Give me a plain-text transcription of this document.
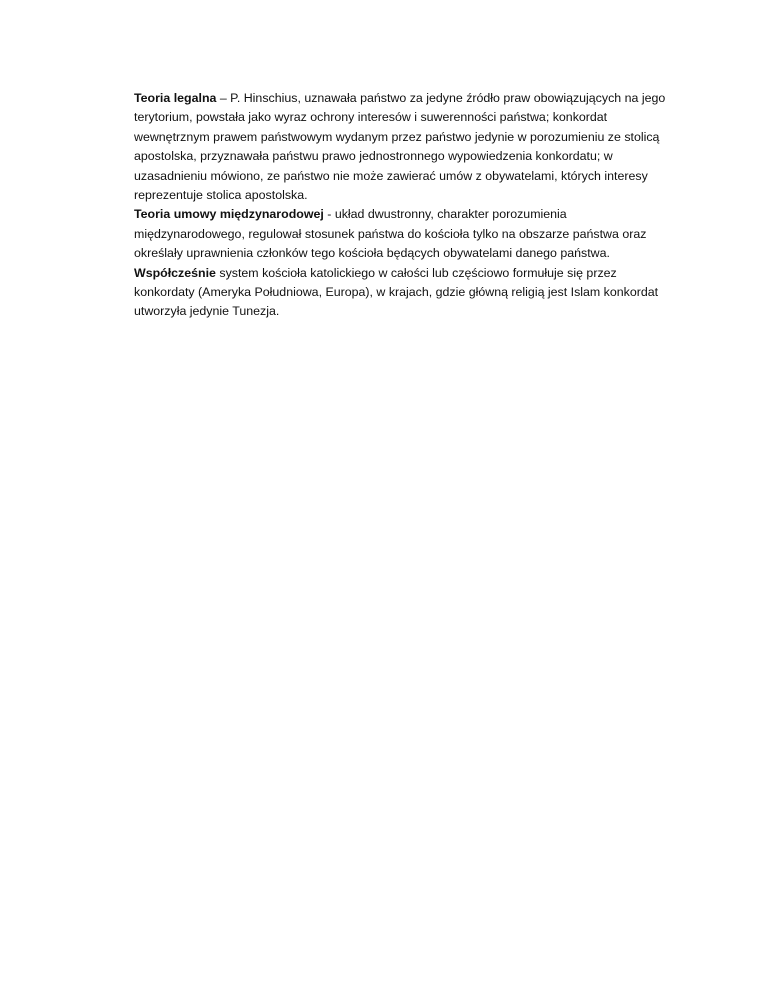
Teoria legalna – P. Hinschius, uznawała państwo za jedyne źródło praw obowiązujących na jego terytorium, powstała jako wyraz ochrony interesów i suwerenności państwa; konkordat wewnętrznym prawem państwowym wydanym przez państwo jedynie w porozumieniu ze stolicą apostolska, przyznawała państwu prawo jednostronnego wypowiedzenia konkordatu; w uzasadnieniu mówiono, ze państwo nie może zawierać umów z obywatelami, których interesy reprezentuje stolica apostolska.

Teoria umowy międzynarodowej - układ dwustronny, charakter porozumienia międzynarodowego, regulował stosunek państwa do kościoła tylko na obszarze państwa oraz określały uprawnienia członków tego kościoła będących obywatelami danego państwa.

Współcześnie system kościoła katolickiego w całości lub częściowo formułuje się przez konkordaty (Ameryka Południowa, Europa), w krajach, gdzie główną religią jest Islam konkordat utworzyła jedynie Tunezja.
